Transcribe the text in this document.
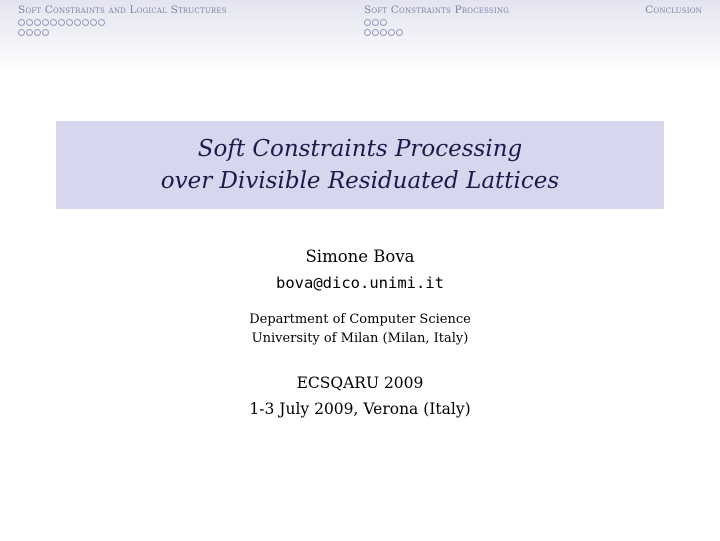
Soft Constraints and Logical Structures	Soft Constraints Processing	Conclusion
Soft Constraints Processing
over Divisible Residuated Lattices
Simone Bova
bova@dico.unimi.it
Department of Computer Science
University of Milan (Milan, Italy)
ECSQARU 2009
1-3 July 2009, Verona (Italy)
